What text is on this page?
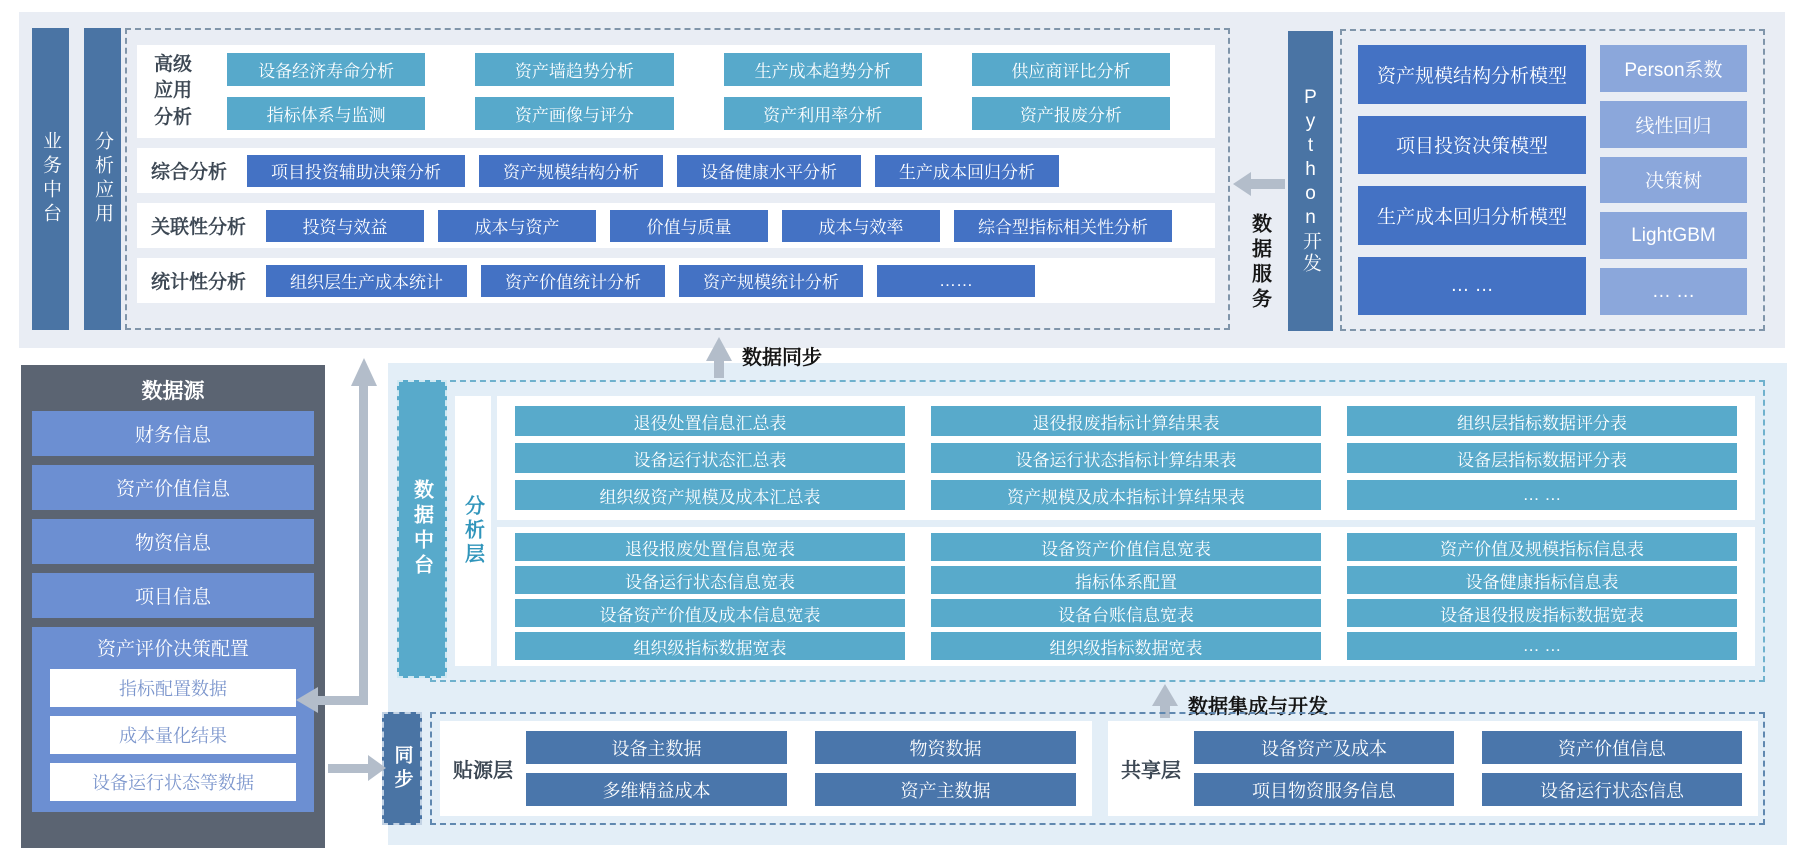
业务中台	分析应用
高级应用分析
设备经济寿命分析	资产墙趋势分析	生产成本趋势分析	供应商评比分析
指标体系与监测	资产画像与评分	资产利用率分析	资产报废分析
综合分析	项目投资辅助决策分析	资产规模结构分析	设备健康水平分析	生产成本回归分析
关联性分析	投资与效益	成本与资产	价值与质量	成本与效率	综合型指标相关性分析
统计性分析	组织层生产成本统计	资产价值统计分析	资产规模统计分析	……	数据服务	Python开发
资产规模结构分析模型
项目投资决策模型
生产成本回归分析模型
… …
Person系数
线性回归
决策树
LightGBM
… …
数据源
财务信息
资产价值信息
物资信息
项目信息
资产评价决策配置
指标配置数据
成本量化结果
设备运行状态等数据
数据同步
数据中台	分析层
退役处置信息汇总表	退役报废指标计算结果表	组织层指标数据评分表
设备运行状态汇总表	设备运行状态指标计算结果表	设备层指标数据评分表
组织级资产规模及成本汇总表	资产规模及成本指标计算结果表	… …
退役报废处置信息宽表	设备资产价值信息宽表	资产价值及规模指标信息表
设备运行状态信息宽表	指标体系配置	设备健康指标信息表
设备资产价值及成本信息宽表	设备台账信息宽表	设备退役报废指标数据宽表
组织级指标数据宽表	组织级指标数据宽表	… …
数据集成与开发
同步	贴源层
设备主数据	物资数据
多维精益成本	资产主数据
共享层
设备资产及成本	资产价值信息
项目物资服务信息	设备运行状态信息
